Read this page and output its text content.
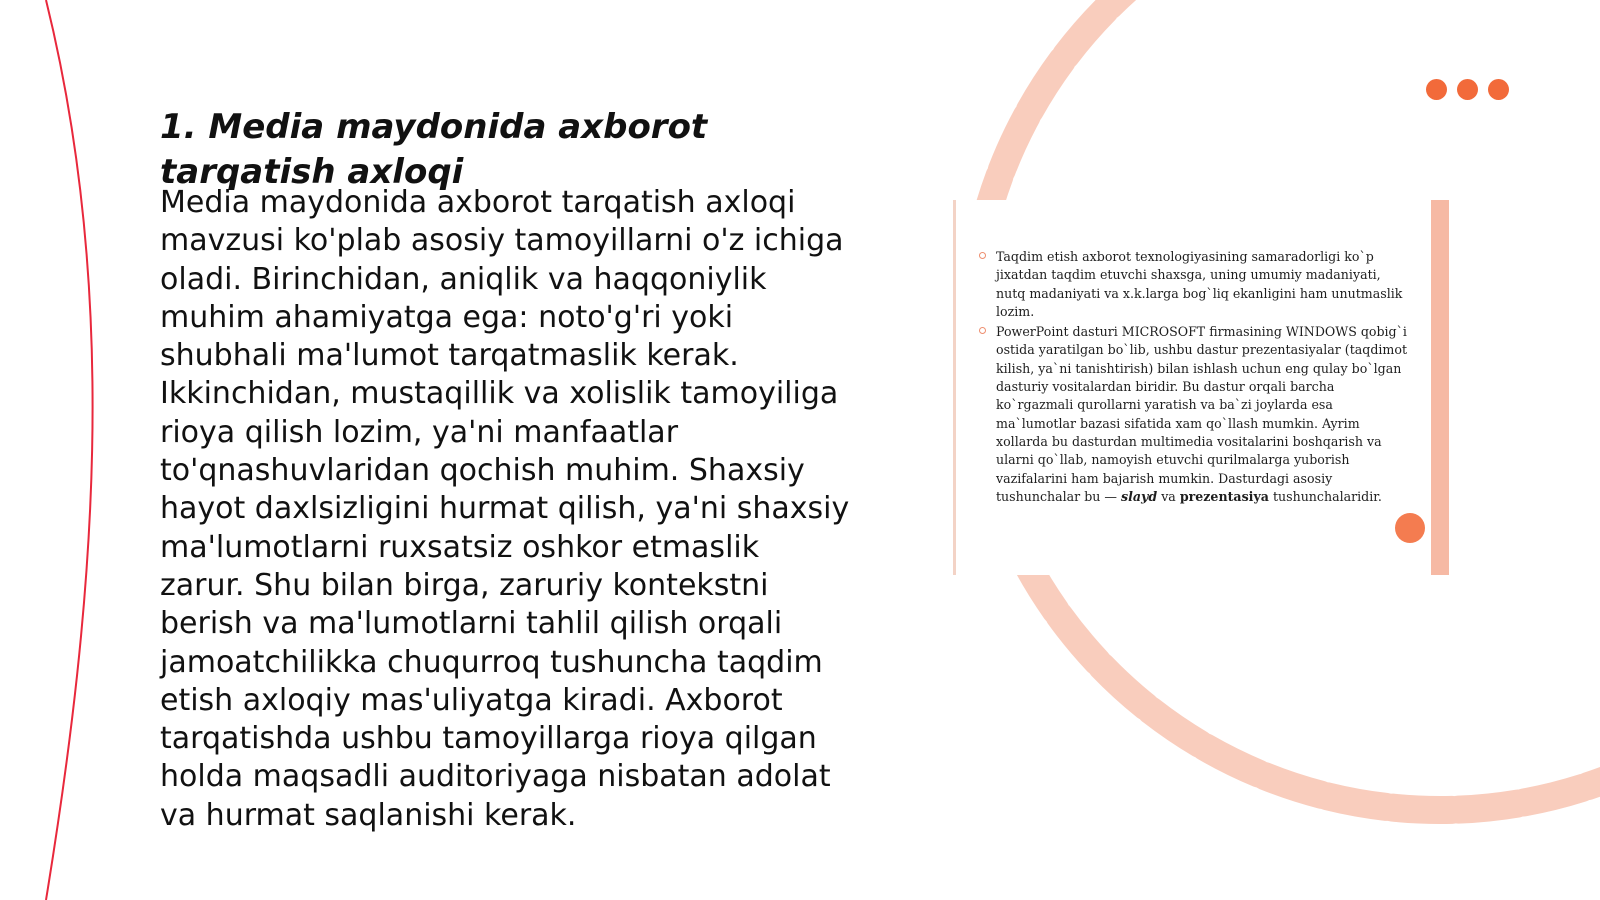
1. Media maydonida axborot tarqatish axloqi

Media maydonida axborot tarqatish axloqi mavzusi ko'plab asosiy tamoyillarni o'z ichiga oladi. Birinchidan, aniqlik va haqqoniylik muhim ahamiyatga ega: noto'g'ri yoki shubhali ma'lumot tarqatmaslik kerak. Ikkinchidan, mustaqillik va xolislik tamoyiliga rioya qilish lozim, ya'ni manfaatlar to'qnashuvlaridan qochish muhim. Shaxsiy hayot daxlsizligini hurmat qilish, ya'ni shaxsiy ma'lumotlarni ruxsatsiz oshkor etmaslik zarur. Shu bilan birga, zaruriy kontekstni berish va ma'lumotlarni tahlil qilish orqali jamoatchilikka chuqurroq tushuncha taqdim etish axloqiy mas'uliyatga kiradi. Axborot tarqatishda ushbu tamoyillarga rioya qilgan holda maqsadli auditoriyaga nisbatan adolat va hurmat saqlanishi kerak.

Taqdim etish axborot texnologiyasining samaradorligi ko`p jixatdan taqdim etuvchi shaxsga, uning umumiy madaniyati, nutq madaniyati va x.k.larga bog`liq ekanligini ham unutmaslik lozim.
PowerPoint dasturi MICROSOFT firmasining WINDOWS qobig`i ostida yaratilgan bo`lib, ushbu dastur prezentasiyalar (taqdimot kilish, ya`ni tanishtirish) bilan ishlash uchun eng qulay bo`lgan dasturiy vositalardan biridir. Bu dastur orqali barcha ko`rgazmali qurollarni yaratish va ba`zi joylarda esa ma`lumotlar bazasi sifatida xam qo`llash mumkin. Ayrim xollarda bu dasturdan multimedia vositalarini boshqarish va ularni qo`llab, namoyish etuvchi qurilmalarga yuborish vazifalarini ham bajarish mumkin. Dasturdagi asosiy tushunchalar bu — slayd va prezentasiya tushunchalaridir.
